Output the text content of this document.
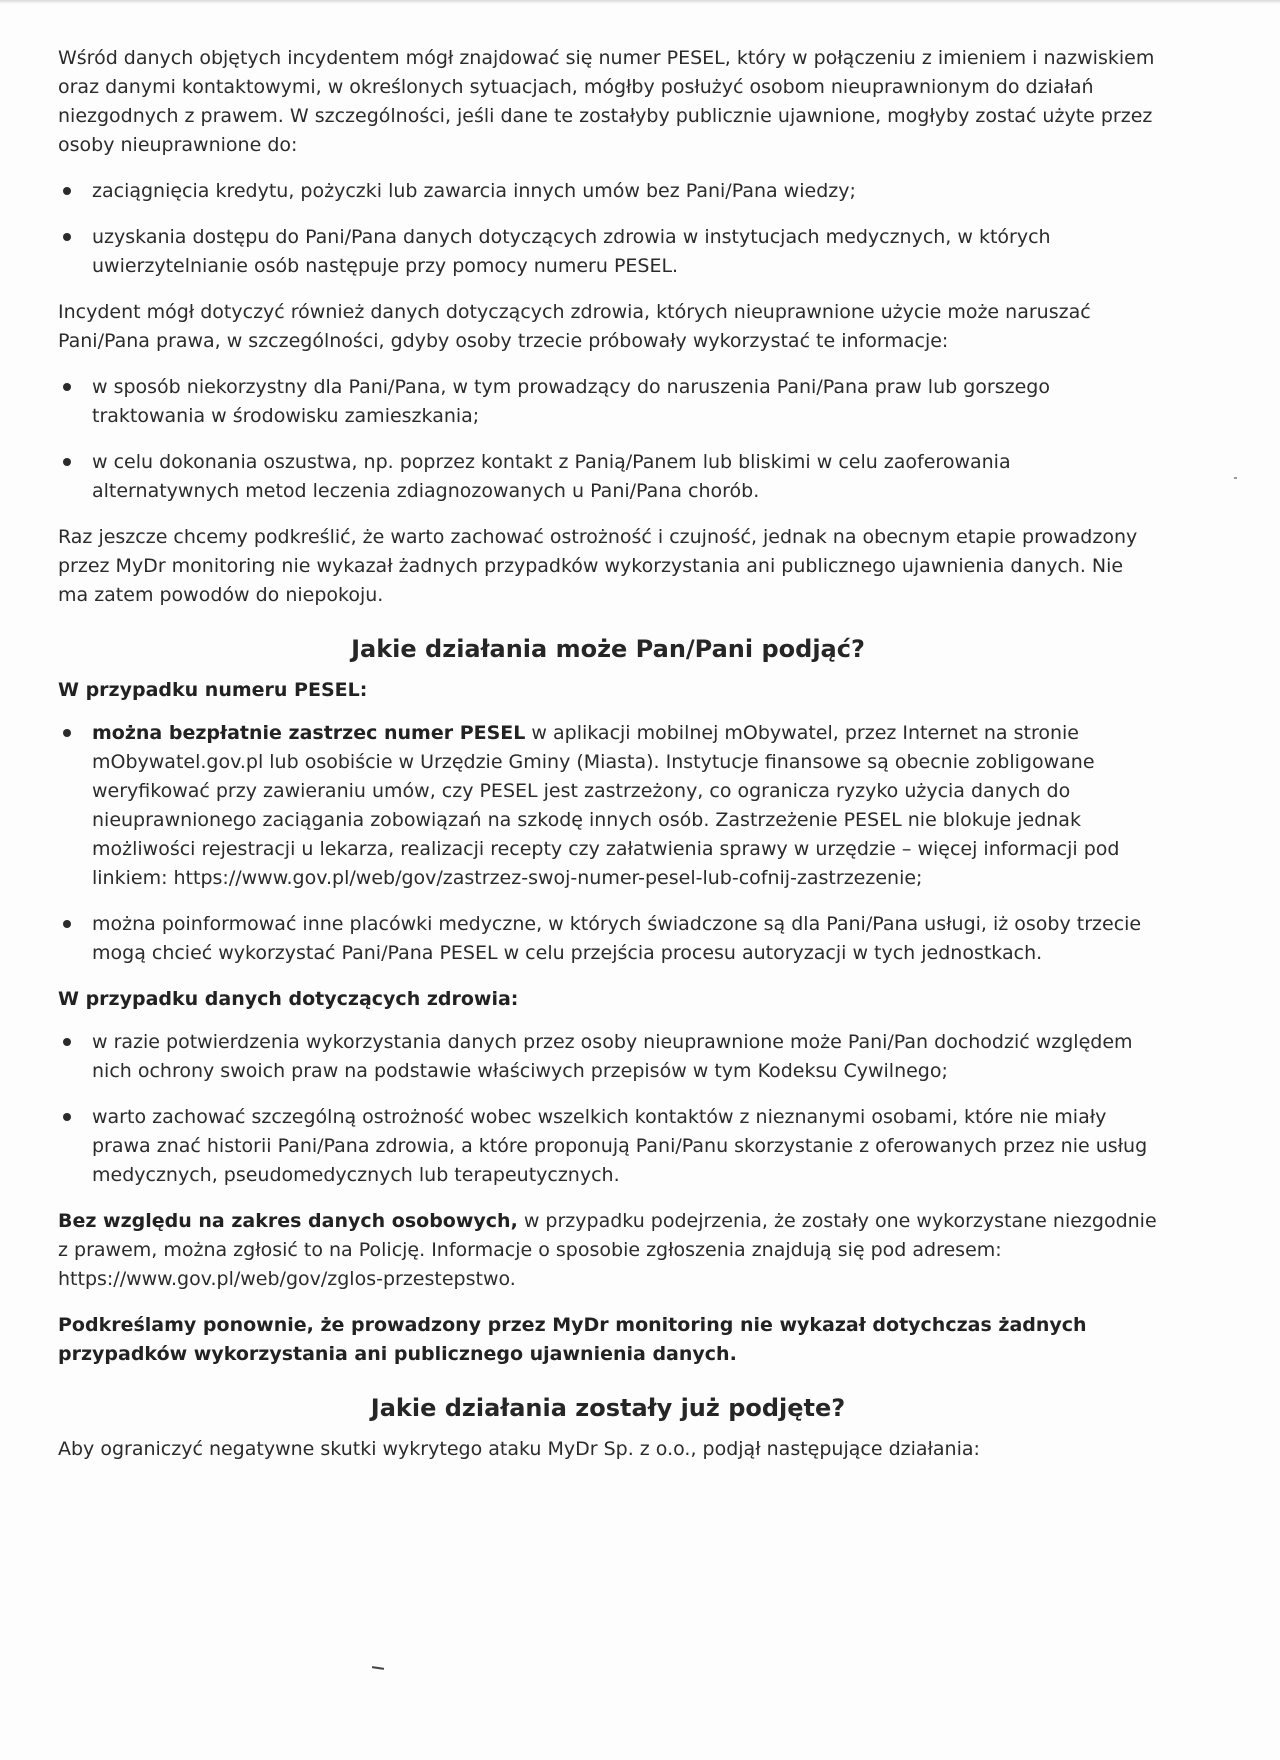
Wśród danych objętych incydentem mógł znajdować się numer PESEL, który w połączeniu z imieniem i nazwiskiem oraz danymi kontaktowymi, w określonych sytuacjach, mógłby posłużyć osobom nieuprawnionym do działań niezgodnych z prawem. W szczególności, jeśli dane te zostałyby publicznie ujawnione, mogłyby zostać użyte przez osoby nieuprawnione do:

zaciągnięcia kredytu, pożyczki lub zawarcia innych umów bez Pani/Pana wiedzy;
uzyskania dostępu do Pani/Pana danych dotyczących zdrowia w instytucjach medycznych, w których uwierzytelnianie osób następuje przy pomocy numeru PESEL.

Incydent mógł dotyczyć również danych dotyczących zdrowia, których nieuprawnione użycie może naruszać Pani/Pana prawa, w szczególności, gdyby osoby trzecie próbowały wykorzystać te informacje:

w sposób niekorzystny dla Pani/Pana, w tym prowadzący do naruszenia Pani/Pana praw lub gorszego traktowania w środowisku zamieszkania;
w celu dokonania oszustwa, np. poprzez kontakt z Panią/Panem lub bliskimi w celu zaoferowania alternatywnych metod leczenia zdiagnozowanych u Pani/Pana chorób.

Raz jeszcze chcemy podkreślić, że warto zachować ostrożność i czujność, jednak na obecnym etapie prowadzony przez MyDr monitoring nie wykazał żadnych przypadków wykorzystania ani publicznego ujawnienia danych. Nie ma zatem powodów do niepokoju.

Jakie działania może Pan/Pani podjąć?
W przypadku numeru PESEL:
można bezpłatnie zastrzec numer PESEL w aplikacji mobilnej mObywatel, przez Internet na stronie mObywatel.gov.pl lub osobiście w Urzędzie Gminy (Miasta). Instytucje finansowe są obecnie zobligowane weryfikować przy zawieraniu umów, czy PESEL jest zastrzeżony, co ogranicza ryzyko użycia danych do nieuprawnionego zaciągania zobowiązań na szkodę innych osób. Zastrzeżenie PESEL nie blokuje jednak możliwości rejestracji u lekarza, realizacji recepty czy załatwienia sprawy w urzędzie – więcej informacji pod linkiem: https://www.gov.pl/web/gov/zastrzez-swoj-numer-pesel-lub-cofnij-zastrzezenie;
można poinformować inne placówki medyczne, w których świadczone są dla Pani/Pana usługi, iż osoby trzecie mogą chcieć wykorzystać Pani/Pana PESEL w celu przejścia procesu autoryzacji w tych jednostkach.
W przypadku danych dotyczących zdrowia:
w razie potwierdzenia wykorzystania danych przez osoby nieuprawnione może Pani/Pan dochodzić względem nich ochrony swoich praw na podstawie właściwych przepisów w tym Kodeksu Cywilnego;
warto zachować szczególną ostrożność wobec wszelkich kontaktów z nieznanymi osobami, które nie miały prawa znać historii Pani/Pana zdrowia, a które proponują Pani/Panu skorzystanie z oferowanych przez nie usług medycznych, pseudomedycznych lub terapeutycznych.

Bez względu na zakres danych osobowych, w przypadku podejrzenia, że zostały one wykorzystane niezgodnie z prawem, można zgłosić to na Policję. Informacje o sposobie zgłoszenia znajdują się pod adresem: https://www.gov.pl/web/gov/zglos-przestepstwo.

Podkreślamy ponownie, że prowadzony przez MyDr monitoring nie wykazał dotychczas żadnych przypadków wykorzystania ani publicznego ujawnienia danych.

Jakie działania zostały już podjęte?

Aby ograniczyć negatywne skutki wykrytego ataku MyDr Sp. z o.o., podjął następujące działania:
